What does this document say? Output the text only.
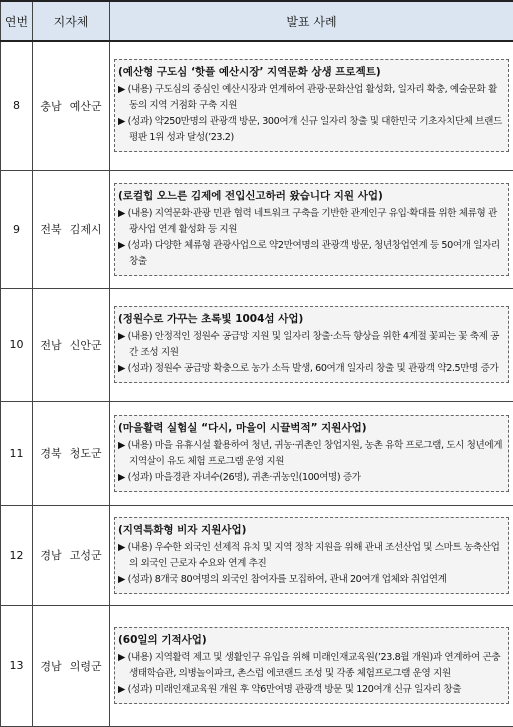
연번	지자체	발표 사례
8	충남 예산군	(예산형 구도심 ‘핫플 예산시장’ 지역문화 상생 프로젝트)
▶ (내용) 구도심의 중심인 예산시장과 연계하여 관광·문화산업 활성화, 일자리 확충, 예술문화 활동의 지역 거점화 구축 지원
▶ (성과) 약250만명의 관광객 방문, 300여개 신규 일자리 창출 및 대한민국 기초자치단체 브랜드평판 1위 성과 달성(’23.2)

9	전북 김제시	(로컬힙 오느른 김제에 전입신고하러 왔습니다 지원 사업)
▶ (내용) 지역문화·관광 민관 협력 네트워크 구축을 기반한 관계인구 유입·확대를 위한 체류형 관광사업 연계 활성화 등 지원
▶ (성과) 다양한 체류형 관광사업으로 약2만여명의 관광객 방문, 청년창업연계 등 50여개 일자리 창출

10	전남 신안군	(정원수로 가꾸는 초록빛 1004섬 사업)
▶ (내용) 안정적인 정원수 공급망 지원 및 일자리 창출·소득 향상을 위한 4계절 꽃피는 꽃 축제 공간 조성 지원
▶ (성과) 정원수 공급망 확충으로 농가 소득 발생, 60여개 일자리 창출 및 관광객 약2.5만명 증가

11	경북 청도군	(마을활력 실험실 “다시, 마을이 시끌벅적” 지원사업)
▶ (내용) 마을 유휴시설 활용하여 청년, 귀농·귀촌인 창업지원, 농촌 유학 프로그램, 도시 청년에게 지역살이 유도 체험 프로그램 운영 지원
▶ (성과) 마을경관 자녀수(26명), 귀촌·귀농인(100여명) 증가

12	경남 고성군	(지역특화형 비자 지원사업)
▶ (내용) 우수한 외국인 선제적 유치 및 지역 정착 지원을 위해 관내 조선산업 및 스마트 농축산업의 외국인 근로자 수요와 연계 추진
▶ (성과) 8개국 80여명의 외국인 참여자를 모집하여, 관내 20여개 업체와 취업연계

13	경남 의령군	(60일의 기적사업)
▶ (내용) 지역활력 제고 및 생활인구 유입을 위해 미래인재교육원(’23.8월 개원)과 연계하여 곤충생태학습관, 의병놀이파크, 촌스럽 에코랜드 조성 및 각종 체험프로그램 운영 지원
▶ (성과) 미래인재교육원 개원 후 약6만여명 관광객 방문 및 120여개 신규 일자리 창출
